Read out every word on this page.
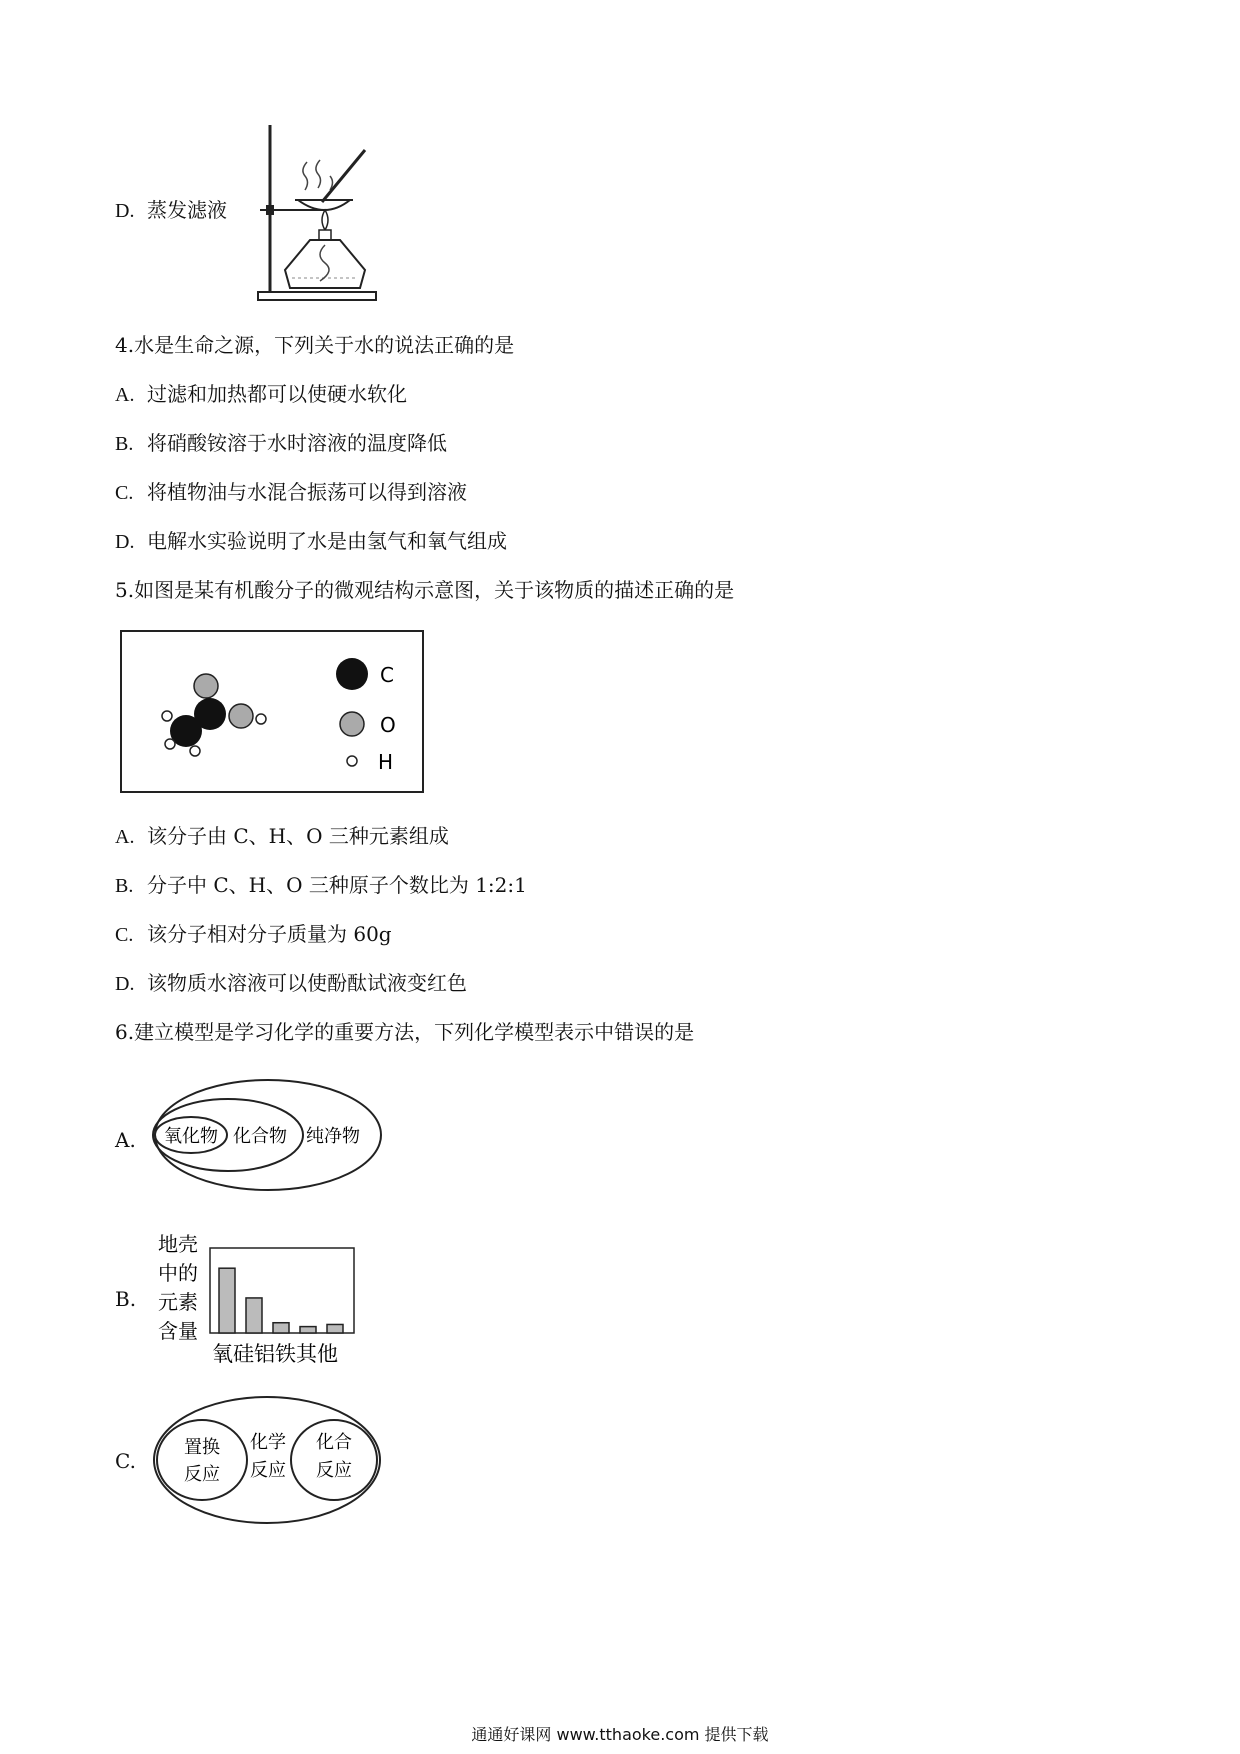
D. 蒸发滤液
4.水是生命之源，下列关于水的说法正确的是
A. 过滤和加热都可以使硬水软化
B. 将硝酸铵溶于水时溶液的温度降低
C. 将植物油与水混合振荡可以得到溶液
D. 电解水实验说明了水是由氢气和氧气组成
5.如图是某有机酸分子的微观结构示意图，关于该物质的描述正确的是
C
O
H
A. 该分子由 C、H、O 三种元素组成
B. 分子中 C、H、O 三种原子个数比为 1:2:1
C. 该分子相对分子质量为 60g
D. 该物质水溶液可以使酚酞试液变红色
6.建立模型是学习化学的重要方法，下列化学模型表示中错误的是
A. 氧化物 化合物 纯净物
B.
地壳
中的
元素
含量
氧硅铝铁其他
C.
置换
反应
化学
反应
化合
反应
通通好课网 www.tthaoke.com 提供下载
